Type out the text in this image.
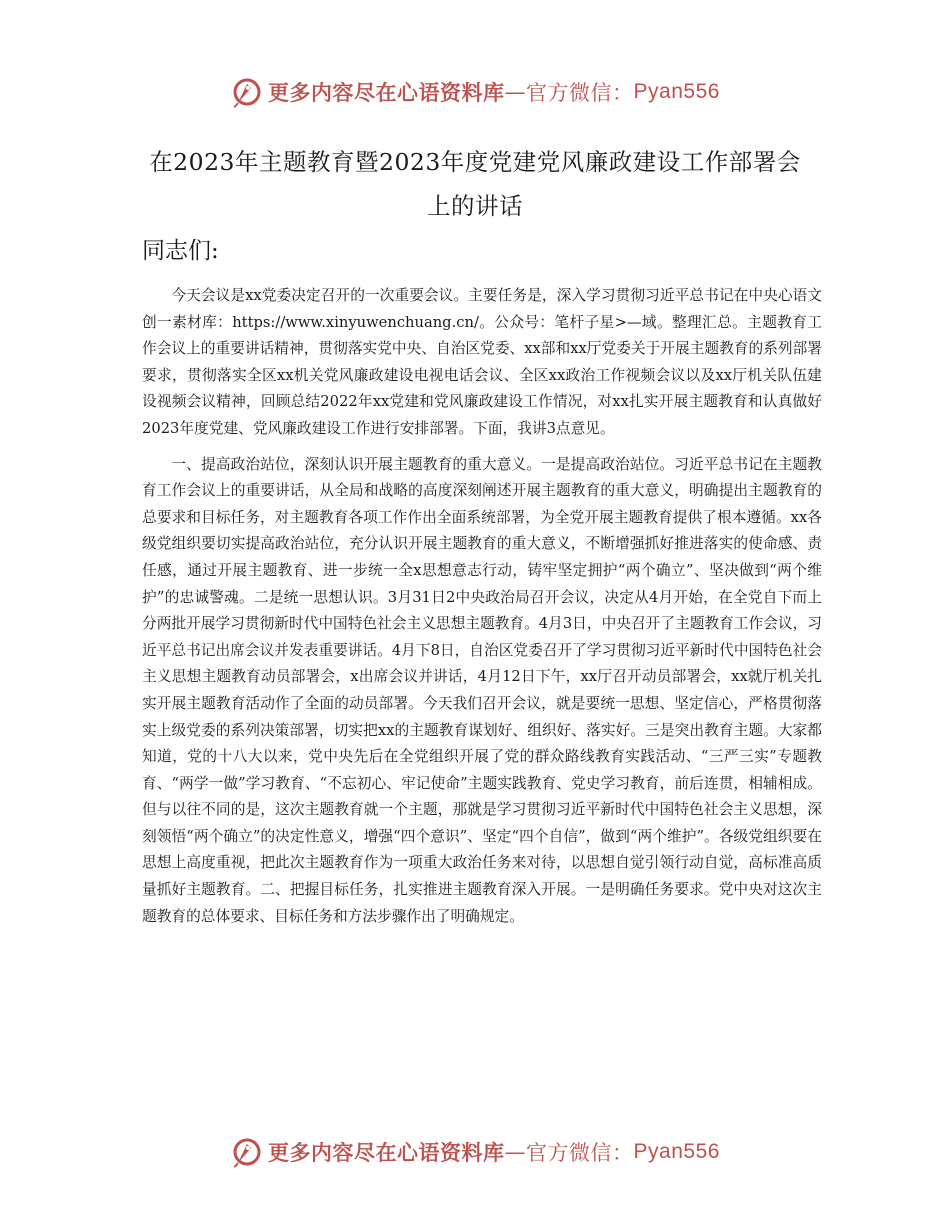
更多内容尽在心语资料库 — 官方微信： Pyan556
在2023年主题教育暨2023年度党建党风廉政建设工作部署会
上的讲话
同志们:

今天会议是xx党委决定召开的一次重要会议。主要任务是，深入学习贯彻习近平总书记在中央心语文创一素材库：https://www.xinyuwenchuang.cn/。公众号：笔杆子星>—域。整理汇总。主题教育工作会议上的重要讲话精神，贯彻落实党中央、自治区党委、xx部和xx厅党委关于开展主题教育的系列部署要求，贯彻落实全区xx机关党风廉政建设电视电话会议、全区xx政治工作视频会议以及xx厅机关队伍建设视频会议精神，回顾总结2022年xx党建和党风廉政建设工作情况，对xx扎实开展主题教育和认真做好2023年度党建、党风廉政建设工作进行安排部署。下面，我讲3点意见。

一、提高政治站位，深刻认识开展主题教育的重大意义。一是提高政治站位。习近平总书记在主题教育工作会议上的重要讲话，从全局和战略的高度深刻阐述开展主题教育的重大意义，明确提出主题教育的总要求和目标任务，对主题教育各项工作作出全面系统部署，为全党开展主题教育提供了根本遵循。xx各级党组织要切实提高政治站位，充分认识开展主题教育的重大意义，不断增强抓好推进落实的使命感、责任感，通过开展主题教育、进一步统一全x思想意志行动，铸牢坚定拥护“两个确立”、坚决做到“两个维护”的忠诚警魂。二是统一思想认识。3月31日2中央政治局召开会议，决定从4月开始，在全党自下而上分两批开展学习贯彻新时代中国特色社会主义思想主题教育。4月3日，中央召开了主题教育工作会议，习近平总书记出席会议并发表重要讲话。4月下8日，自治区党委召开了学习贯彻习近平新时代中国特色社会主义思想主题教育动员部署会，x出席会议并讲话，4月12日下午，xx厅召开动员部署会，xx就厅机关扎实开展主题教育活动作了全面的动员部署。今天我们召开会议，就是要统一思想、坚定信心，严格贯彻落实上级党委的系列决策部署，切实把xx的主题教育谋划好、组织好、落实好。三是突出教育主题。大家都知道，党的十八大以来，党中央先后在全党组织开展了党的群众路线教育实践活动、“三严三实”专题教育、“两学一做”学习教育、“不忘初心、牢记使命”主题实践教育、党史学习教育，前后连贯，相辅相成。但与以往不同的是，这次主题教育就一个主题，那就是学习贯彻习近平新时代中国特色社会主义思想，深刻领悟“两个确立”的决定性意义，增强“四个意识”、坚定“四个自信”，做到“两个维护”。各级党组织要在思想上高度重视，把此次主题教育作为一项重大政治任务来对待，以思想自觉引领行动自觉，高标准高质量抓好主题教育。二、把握目标任务，扎实推进主题教育深入开展。一是明确任务要求。党中央对这次主题教育的总体要求、目标任务和方法步骤作出了明确规定。

更多内容尽在心语资料库 — 官方微信： Pyan556
